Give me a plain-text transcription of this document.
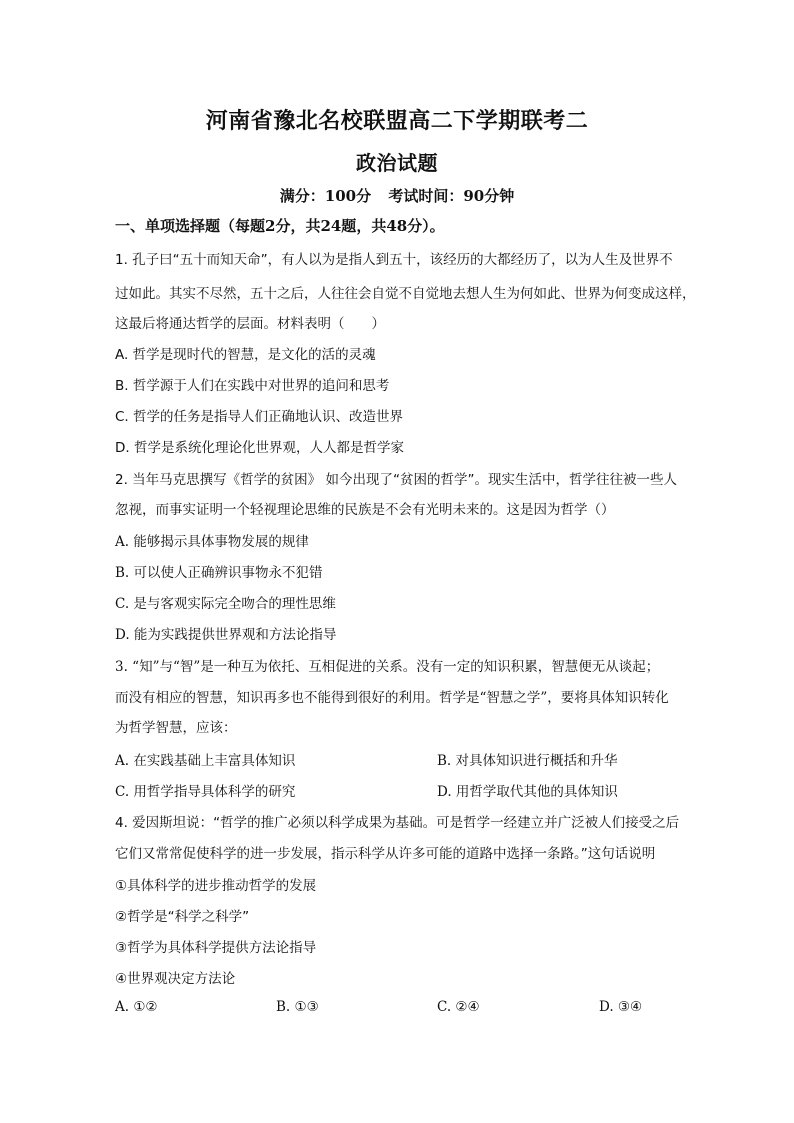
河南省豫北名校联盟高二下学期联考二
政治试题
满分：100分 考试时间：90分钟
一、单项选择题（每题2分，共24题，共48分）。
1. 孔子曰“五十而知天命”，有人以为是指人到五十，该经历的大都经历了，以为人生及世界不
过如此。其实不尽然，五十之后，人往往会自觉不自觉地去想人生为何如此、世界为何变成这样，
这最后将通达哲学的层面。材料表明（　　）
A. 哲学是现时代的智慧，是文化的活的灵魂
B. 哲学源于人们在实践中对世界的追问和思考
C. 哲学的任务是指导人们正确地认识、改造世界
D. 哲学是系统化理论化世界观，人人都是哲学家
2. 当年马克思撰写《哲学的贫困》 如今出现了“贫困的哲学”。现实生活中，哲学往往被一些人
忽视，而事实证明一个轻视理论思维的民族是不会有光明未来的。这是因为哲学（）
A. 能够揭示具体事物发展的规律
B. 可以使人正确辨识事物永不犯错
C. 是与客观实际完全吻合的理性思维
D. 能为实践提供世界观和方法论指导
3. “知”与“智”是一种互为依托、互相促进的关系。没有一定的知识积累，智慧便无从谈起；
而没有相应的智慧，知识再多也不能得到很好的利用。哲学是“智慧之学”，要将具体知识转化
为哲学智慧，应该：
A. 在实践基础上丰富具体知识	B. 对具体知识进行概括和升华
C. 用哲学指导具体科学的研究	D. 用哲学取代其他的具体知识
4. 爱因斯坦说：“哲学的推广必须以科学成果为基础。可是哲学一经建立并广泛被人们接受之后
它们又常常促使科学的进一步发展，指示科学从许多可能的道路中选择一条路。”这句话说明
①具体科学的进步推动哲学的发展
②哲学是“科学之科学”
③哲学为具体科学提供方法论指导
④世界观决定方法论
A. ①②	B. ①③	C. ②④	D. ③④
